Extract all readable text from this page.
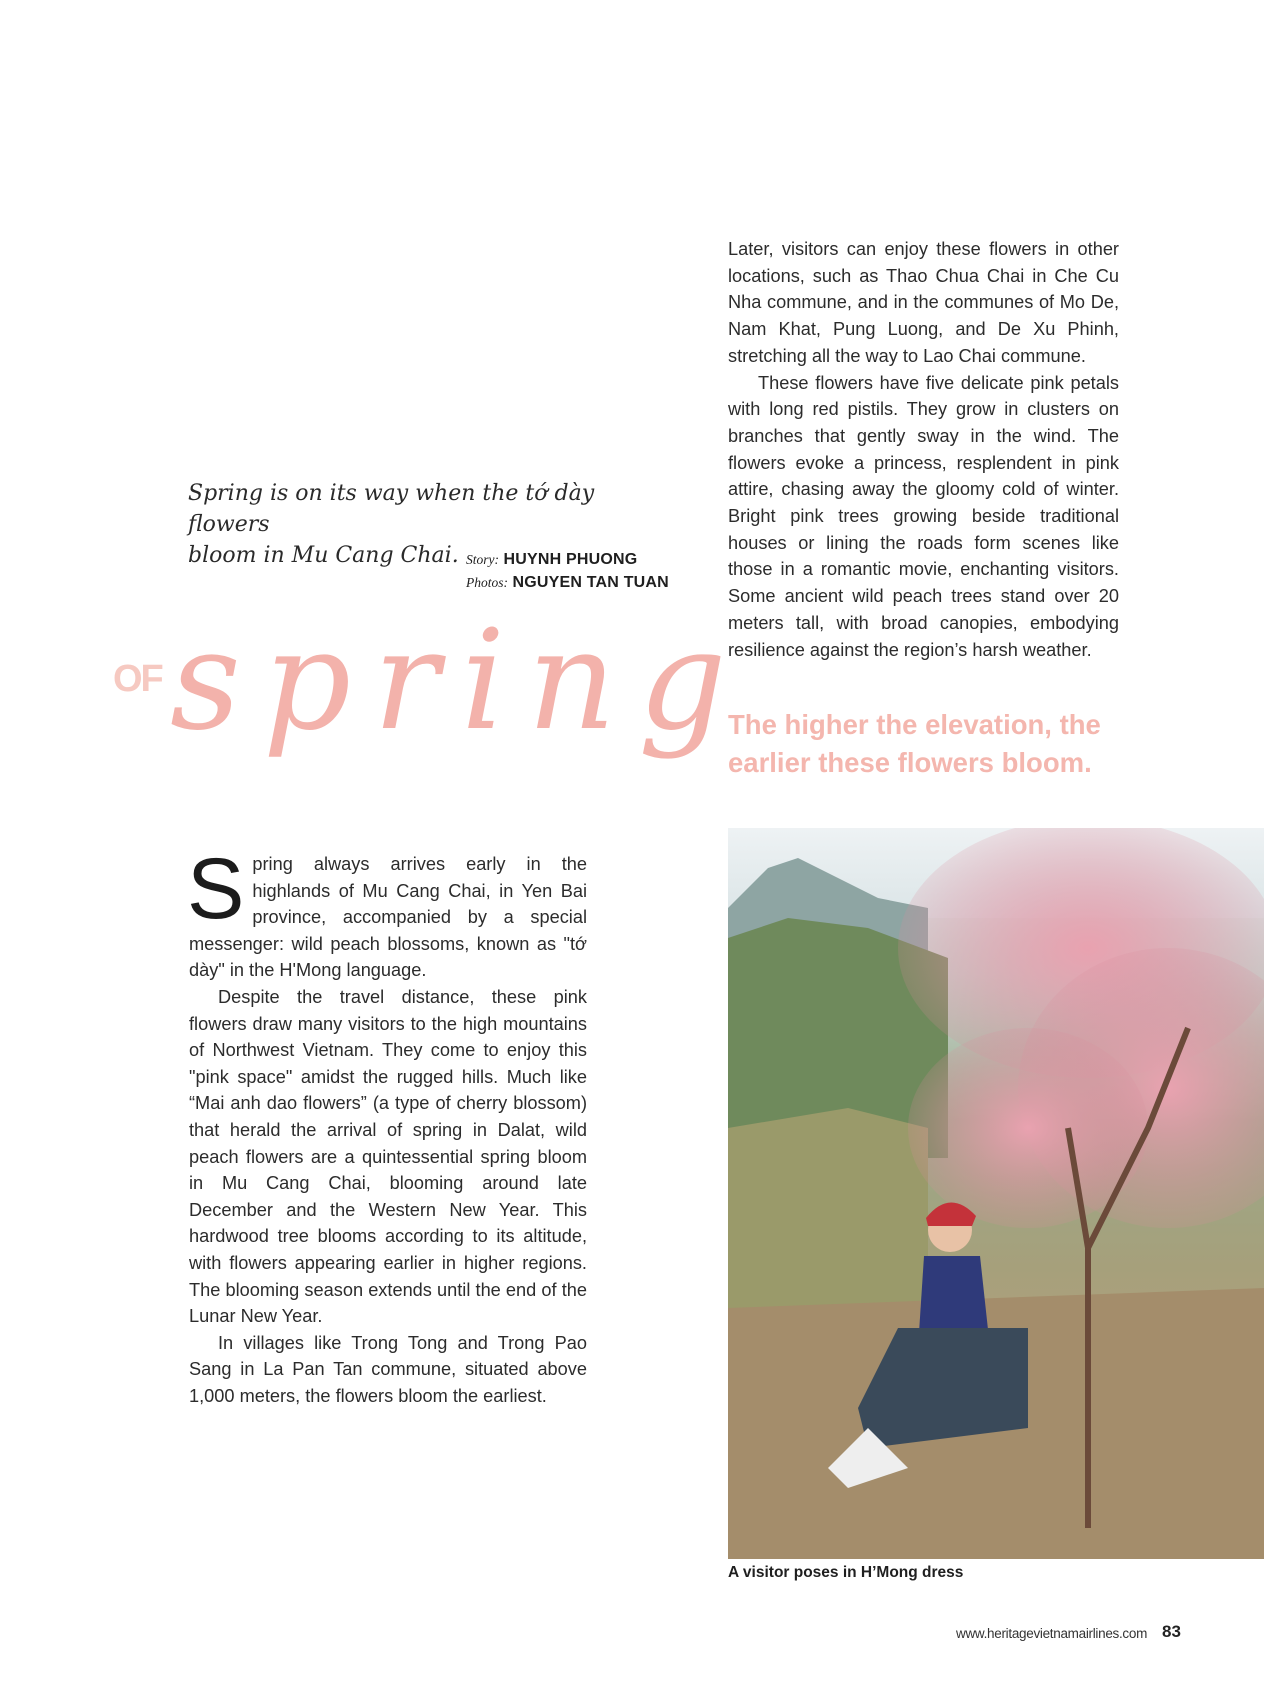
Later, visitors can enjoy these flowers in other locations, such as Thao Chua Chai in Che Cu Nha commune, and in the communes of Mo De, Nam Khat, Pung Luong, and De Xu Phinh, stretching all the way to Lao Chai commune.

These flowers have five delicate pink petals with long red pistils. They grow in clusters on branches that gently sway in the wind. The flowers evoke a princess, resplendent in pink attire, chasing away the gloomy cold of winter. Bright pink trees growing beside traditional houses or lining the roads form scenes like those in a romantic movie, enchanting visitors. Some ancient wild peach trees stand over 20 meters tall, with broad canopies, embodying resilience against the region’s harsh weather.

Spring is on its way when the tớ dày flowers
bloom in Mu Cang Chai. Story: HUYNH PHUONG
Photos: NGUYEN TAN TUAN
OF spring
The higher the elevation, the
earlier these flowers bloom.

Spring always arrives early in the highlands of Mu Cang Chai, in Yen Bai province, accompanied by a special messenger: wild peach blossoms, known as "tớ dày" in the H'Mong language.

Despite the travel distance, these pink flowers draw many visitors to the high mountains of Northwest Vietnam. They come to enjoy this "pink space" amidst the rugged hills. Much like “Mai anh dao flowers” (a type of cherry blossom) that herald the arrival of spring in Dalat, wild peach flowers are a quintessential spring bloom in Mu Cang Chai, blooming around late December and the Western New Year. This hardwood tree blooms according to its altitude, with flowers appearing earlier in higher regions. The blooming season extends until the end of the Lunar New Year.

In villages like Trong Tong and Trong Pao Sang in La Pan Tan commune, situated above 1,000 meters, the flowers bloom the earliest.

A visitor poses in H’Mong dress
www.heritagevietnamairlines.com 83
